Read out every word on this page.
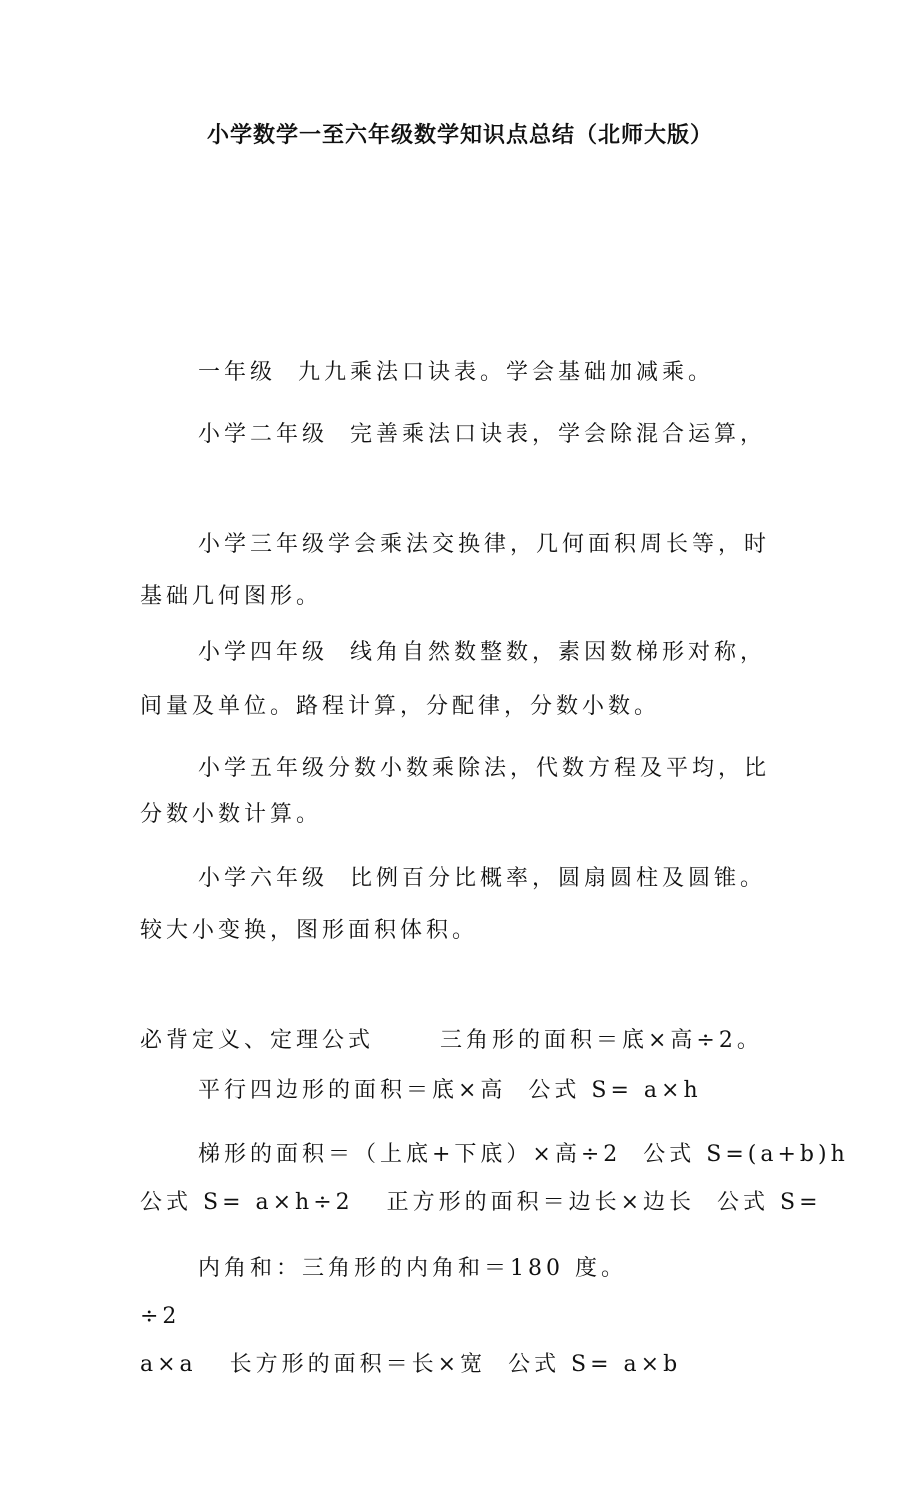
小学数学一至六年级数学知识点总结（北师大版）

一年级  九九乘法口诀表。学会基础加减乘。

小学二年级  完善乘法口诀表，学会除混合运算，

基础几何图形。

小学三年级学会乘法交换律，几何面积周长等，时

间量及单位。路程计算，分配律，分数小数。

小学四年级  线角自然数整数，素因数梯形对称，

分数小数计算。

小学五年级分数小数乘除法，代数方程及平均，比

较大小变换，图形面积体积。

小学六年级  比例百分比概率，圆扇圆柱及圆锥。

必背定义、定理公式      三角形的面积＝底×高÷2。

公式 S= a×h÷2   正方形的面积＝边长×边长  公式 S=

a×a   长方形的面积＝长×宽  公式 S= a×b

平行四边形的面积＝底×高  公式 S= a×h

梯形的面积＝（上底+下底）×高÷2  公式 S=(a+b)h

÷2

内角和：三角形的内角和＝180 度。
